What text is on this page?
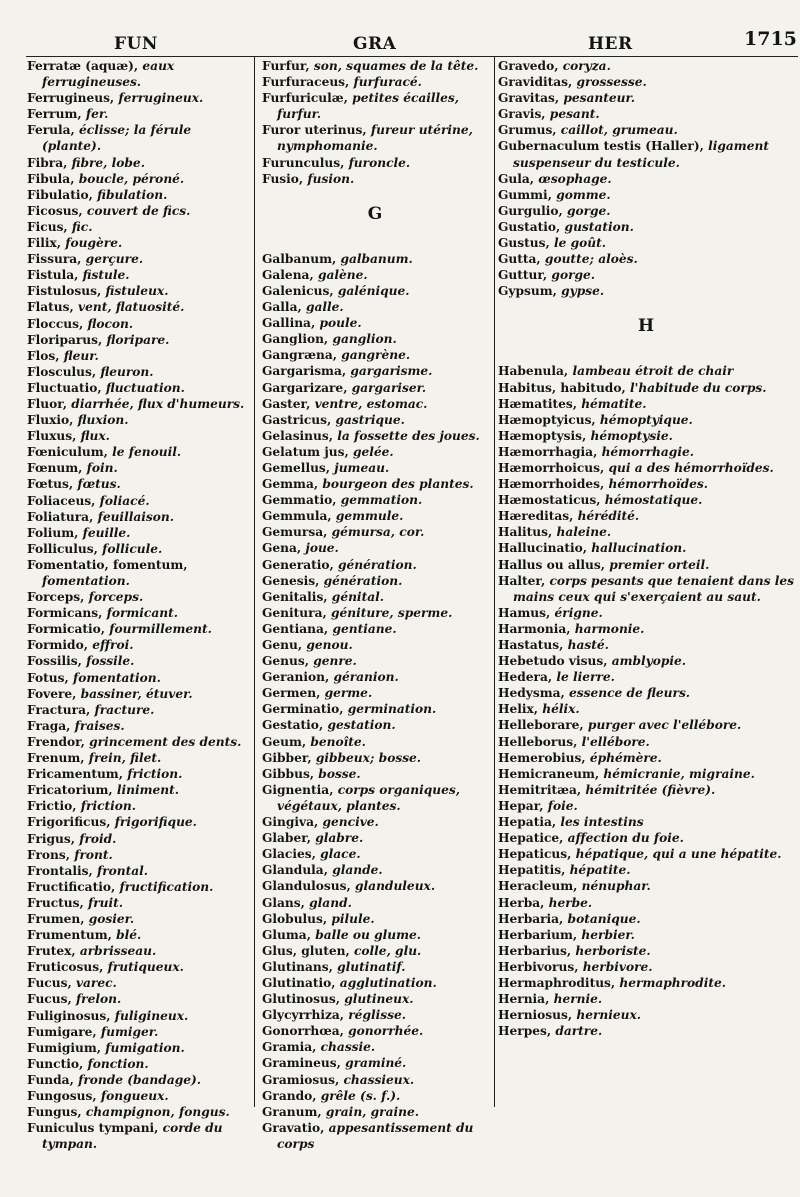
FUN	GRA	HER	1715
Ferratæ (aquæ), eaux ferrugineuses.
Ferrugineus, ferrugineux.
Ferrum, fer.
Ferula, éclisse; la férule (plante).
Fibra, fibre, lobe.
Fibula, boucle, péroné.
Fibulatio, fibulation.
Ficosus, couvert de fics.
Ficus, fic.
Filix, fougère.
Fissura, gerçure.
Fistula, fistule.
Fistulosus, fistuleux.
Flatus, vent, flatuosité.
Floccus, flocon.
Floriparus, floripare.
Flos, fleur.
Flosculus, fleuron.
Fluctuatio, fluctuation.
Fluor, diarrhée, flux d'humeurs.
Fluxio, fluxion.
Fluxus, flux.
Fœniculum, le fenouil.
Fœnum, foin.
Fœtus, fœtus.
Foliaceus, foliacé.
Foliatura, feuillaison.
Folium, feuille.
Folliculus, follicule.
Fomentatio, fomentum, fomentation.
Forceps, forceps.
Formicans, formicant.
Formicatio, fourmillement.
Formido, effroi.
Fossilis, fossile.
Fotus, fomentation.
Fovere, bassiner, étuver.
Fractura, fracture.
Fraga, fraises.
Frendor, grincement des dents.
Frenum, frein, filet.
Fricamentum, friction.
Fricatorium, liniment.
Frictio, friction.
Frigorificus, frigorifique.
Frigus, froid.
Frons, front.
Frontalis, frontal.
Fructificatio, fructification.
Fructus, fruit.
Frumen, gosier.
Frumentum, blé.
Frutex, arbrisseau.
Fruticosus, frutiqueux.
Fucus, varec.
Fucus, frelon.
Fuliginosus, fuligineux.
Fumigare, fumiger.
Fumigium, fumigation.
Functio, fonction.
Funda, fronde (bandage).
Fungosus, fongueux.
Fungus, champignon, fongus.
Funiculus tympani, corde du tympan.
Furfur, son, squames de la tête.
Furfuraceus, furfuracé.
Furfuriculæ, petites écailles, furfur.
Furor uterinus, fureur utérine, nymphomanie.
Furunculus, furoncle.
Fusio, fusion.
G
Galbanum, galbanum.
Galena, galène.
Galenicus, galénique.
Galla, galle.
Gallina, poule.
Ganglion, ganglion.
Gangræna, gangrène.
Gargarisma, gargarisme.
Gargarizare, gargariser.
Gaster, ventre, estomac.
Gastricus, gastrique.
Gelasinus, la fossette des joues.
Gelatum jus, gelée.
Gemellus, jumeau.
Gemma, bourgeon des plantes.
Gemmatio, gemmation.
Gemmula, gemmule.
Gemursa, gémursa, cor.
Gena, joue.
Generatio, génération.
Genesis, génération.
Genitalis, génital.
Genitura, géniture, sperme.
Gentiana, gentiane.
Genu, genou.
Genus, genre.
Geranion, géranion.
Germen, germe.
Germinatio, germination.
Gestatio, gestation.
Geum, benoîte.
Gibber, gibbeux; bosse.
Gibbus, bosse.
Gignentia, corps organiques, végétaux, plantes.
Gingiva, gencive.
Glaber, glabre.
Glacies, glace.
Glandula, glande.
Glandulosus, glanduleux.
Glans, gland.
Globulus, pilule.
Gluma, balle ou glume.
Glus, gluten, colle, glu.
Glutinans, glutinatif.
Glutinatio, agglutination.
Glutinosus, glutineux.
Glycyrrhiza, réglisse.
Gonorrhœa, gonorrhée.
Gramia, chassie.
Gramineus, graminé.
Gramiosus, chassieux.
Grando, grêle (s. f.).
Granum, grain, graine.
Gravatio, appesantissement du corps
Gravedo, coryza.
Graviditas, grossesse.
Gravitas, pesanteur.
Gravis, pesant.
Grumus, caillot, grumeau.
Gubernaculum testis (Haller), ligament suspenseur du testicule.
Gula, œsophage.
Gummi, gomme.
Gurgulio, gorge.
Gustatio, gustation.
Gustus, le goût.
Gutta, goutte; aloès.
Guttur, gorge.
Gypsum, gypse.
H
Habenula, lambeau étroit de chair
Habitus, habitudo, l'habitude du corps.
Hæmatites, hématite.
Hæmoptyicus, hémoptyique.
Hæmoptysis, hémoptysie.
Hæmorrhagia, hémorrhagie.
Hæmorrhoicus, qui a des hémorrhoïdes.
Hæmorrhoides, hémorrhoïdes.
Hæmostaticus, hémostatique.
Hæreditas, hérédité.
Halitus, haleine.
Hallucinatio, hallucination.
Hallus ou allus, premier orteil.
Halter, corps pesants que tenaient dans les mains ceux qui s'exerçaient au saut.
Hamus, érigne.
Harmonia, harmonie.
Hastatus, hasté.
Hebetudo visus, amblyopie.
Hedera, le lierre.
Hedysma, essence de fleurs.
Helix, hélix.
Helleborare, purger avec l'ellébore.
Helleborus, l'ellébore.
Hemerobius, éphémère.
Hemicraneum, hémicranie, migraine.
Hemitritæa, hémitritée (fièvre).
Hepar, foie.
Hepatia, les intestins
Hepatice, affection du foie.
Hepaticus, hépatique, qui a une hépatite.
Hepatitis, hépatite.
Heracleum, nénuphar.
Herba, herbe.
Herbaria, botanique.
Herbarium, herbier.
Herbarius, herboriste.
Herbivorus, herbivore.
Hermaphroditus, hermaphrodite.
Hernia, hernie.
Herniosus, hernieux.
Herpes, dartre.
